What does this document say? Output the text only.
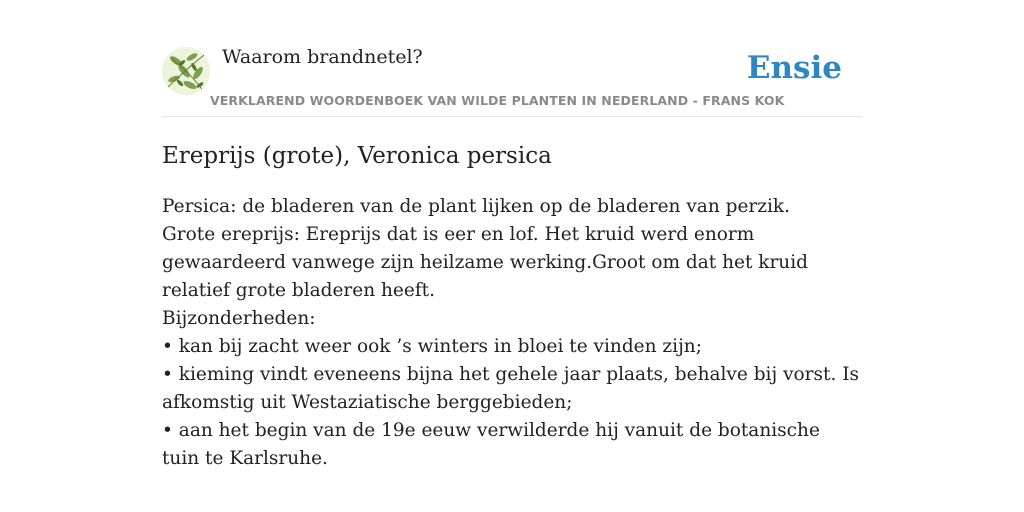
Waarom brandnetel?	Ensie
VERKLAREND WOORDENBOEK VAN WILDE PLANTEN IN NEDERLAND - FRANS KOK
Ereprijs (grote), Veronica persica

Persica: de bladeren van de plant lijken op de bladeren van perzik.

Grote ereprijs: Ereprijs dat is eer en lof. Het kruid werd enorm gewaardeerd vanwege zijn heilzame werking.Groot om dat het kruid relatief grote bladeren heeft.

Bijzonderheden:

• kan bij zacht weer ook ’s winters in bloei te vinden zijn;

• kieming vindt eveneens bijna het gehele jaar plaats, behalve bij vorst. Is afkomstig uit Westaziatische berggebieden;

• aan het begin van de 19e eeuw verwilderde hij vanuit de botanische tuin te Karlsruhe.
